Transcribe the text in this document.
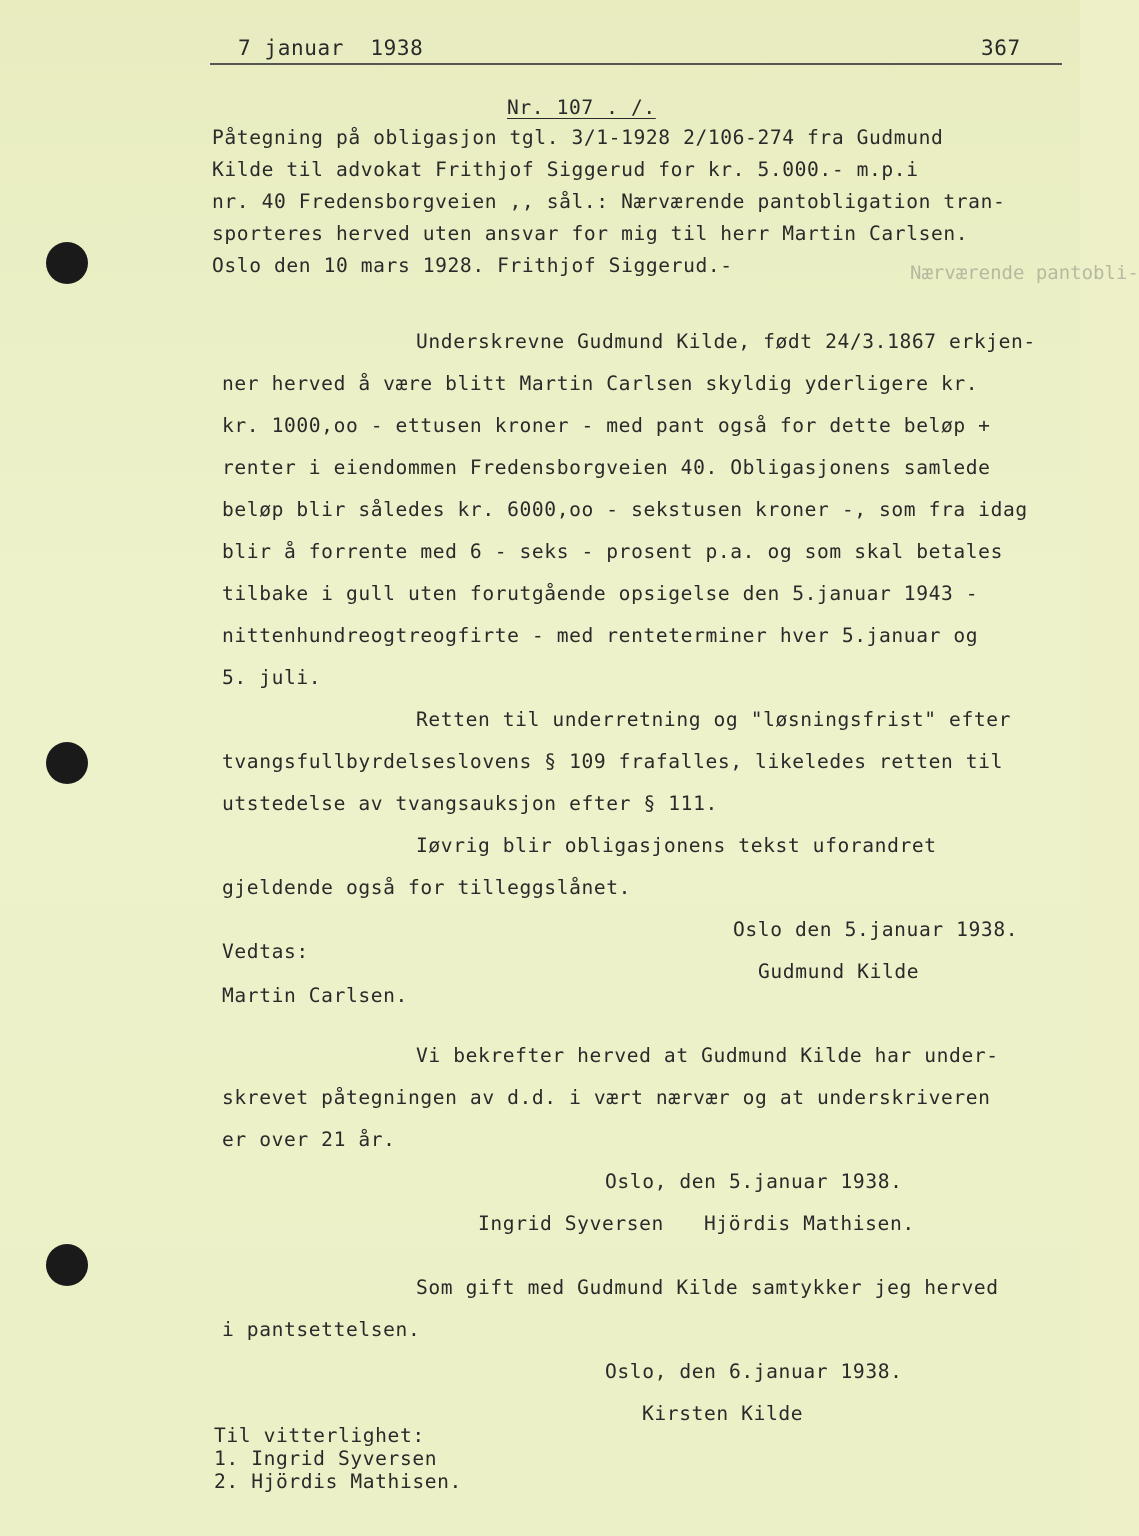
7 januar  1938	367
Nærværende pantobli-
Nr. 107 . /.
Påtegning på obligasjon tgl. 3/1-1928 2/106-274 fra Gudmund
Kilde til advokat Frithjof Siggerud for kr. 5.000.- m.p.i
nr. 40 Fredensborgveien ,, sål.: Nærværende pantobligation tran-
sporteres herved uten ansvar for mig til herr Martin Carlsen.
Oslo den 10 mars 1928. Frithjof Siggerud.-
Underskrevne Gudmund Kilde, født 24/3.1867 erkjen-
ner herved å være blitt Martin Carlsen skyldig yderligere kr.
kr. 1000,oo - ettusen kroner - med pant også for dette beløp +
renter i eiendommen Fredensborgveien 40. Obligasjonens samlede
beløp blir således kr. 6000,oo - sekstusen kroner -, som fra idag
blir å forrente med 6 - seks - prosent p.a. og som skal betales
tilbake i gull uten forutgående opsigelse den 5.januar 1943 -
nittenhundreogtreogfirte - med renteterminer hver 5.januar og
5. juli.
Retten til underretning og "løsningsfrist" efter
tvangsfullbyrdelseslovens § 109 frafalles, likeledes retten til
utstedelse av tvangsauksjon efter § 111.
Iøvrig blir obligasjonens tekst uforandret
gjeldende også for tilleggslånet.
Oslo den 5.januar 1938.
Vedtas:
Gudmund Kilde
Martin Carlsen.
Vi bekrefter herved at Gudmund Kilde har under-
skrevet påtegningen av d.d. i vært nærvær og at underskriveren
er over 21 år.
Oslo, den 5.januar 1938.
Ingrid Syversen Hjördis Mathisen.
Som gift med Gudmund Kilde samtykker jeg herved
i pantsettelsen.
Oslo, den 6.januar 1938.
Kirsten Kilde
Til vitterlighet:
1. Ingrid Syversen
2. Hjördis Mathisen.
